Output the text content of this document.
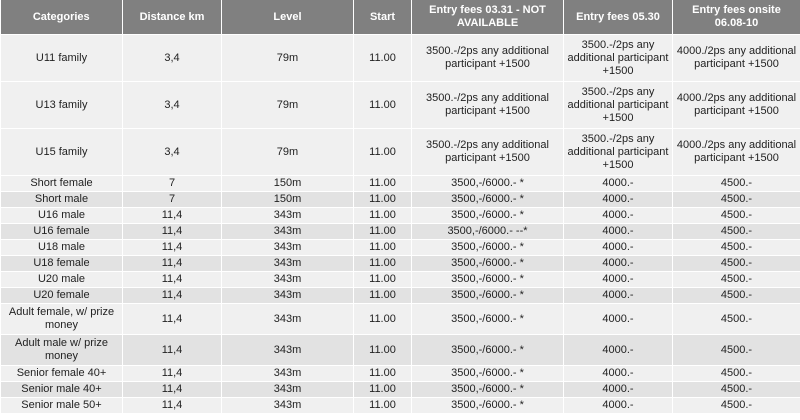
Categories	Distance km	Level	Start	Entry fees 03.31 - NOT AVAILABLE	Entry fees 05.30	Entry fees onsite 06.08-10
U11 family	3,4	79m	11.00	3500.-/2ps any additional participant +1500	3500.-/2ps any additional participant +1500	4000./2ps any additional participant +1500
U13 family	3,4	79m	11.00	3500.-/2ps any additional participant +1500	3500.-/2ps any additional participant +1500	4000./2ps any additional participant +1500
U15 family	3,4	79m	11.00	3500.-/2ps any additional participant +1500	3500.-/2ps any additional participant +1500	4000./2ps any additional participant +1500
Short female	7	150m	11.00	3500,-/6000.- *	4000.-	4500.-
Short male	7	150m	11.00	3500,-/6000.- *	4000.-	4500.-
U16 male	11,4	343m	11.00	3500,-/6000.- *	4000.-	4500.-
U16 female	11,4	343m	11.00	3500,-/6000.- --*	4000.-	4500.-
U18 male	11,4	343m	11.00	3500,-/6000.- *	4000.-	4500.-
U18 female	11,4	343m	11.00	3500,-/6000.- *	4000.-	4500.-
U20 male	11,4	343m	11.00	3500,-/6000.- *	4000.-	4500.-
U20 female	11,4	343m	11.00	3500,-/6000.- *	4000.-	4500.-
Adult female, w/ prize money	11,4	343m	11.00	3500,-/6000.- *	4000.-	4500.-
Adult male w/ prize money	11,4	343m	11.00	3500,-/6000.- *	4000.-	4500.-
Senior female 40+	11,4	343m	11.00	3500,-/6000.- *	4000.-	4500.-
Senior male 40+	11,4	343m	11.00	3500,-/6000.- *	4000.-	4500.-
Senior male 50+	11,4	343m	11.00	3500,-/6000.- *	4000.-	4500.-
